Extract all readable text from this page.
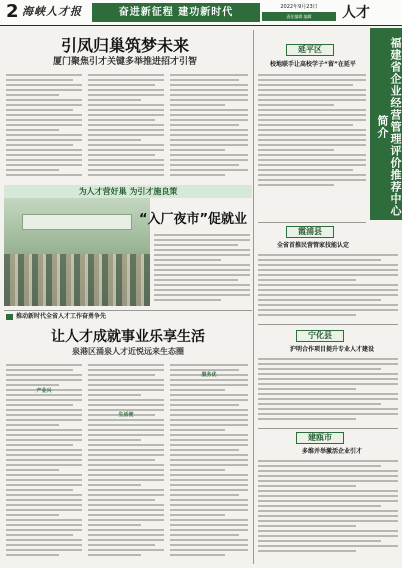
2 海峡人才报	奋进新征程 建功新时代	2022年9月23日
责任编辑 编辑	人才
福建省企业经营管理评价推荐中心简介
引凤归巢筑梦未来
厦门聚焦引才关键多举推进招才引智
为人才营好巢 为引才施良策
“入厂夜市”促就业
推动新时代全省人才工作奋勇争先
让人才成就事业乐享生活
泉港区涌泉人才近悦远来生态圈
产业兴
生活便
服务优
延平区
校地联手让高校学子“留”在延平
霞浦县
全省首推民营管家技能认定
宁化县
沪明合作项目提升专业人才建设
建瓯市
多维并举激活企业引才
